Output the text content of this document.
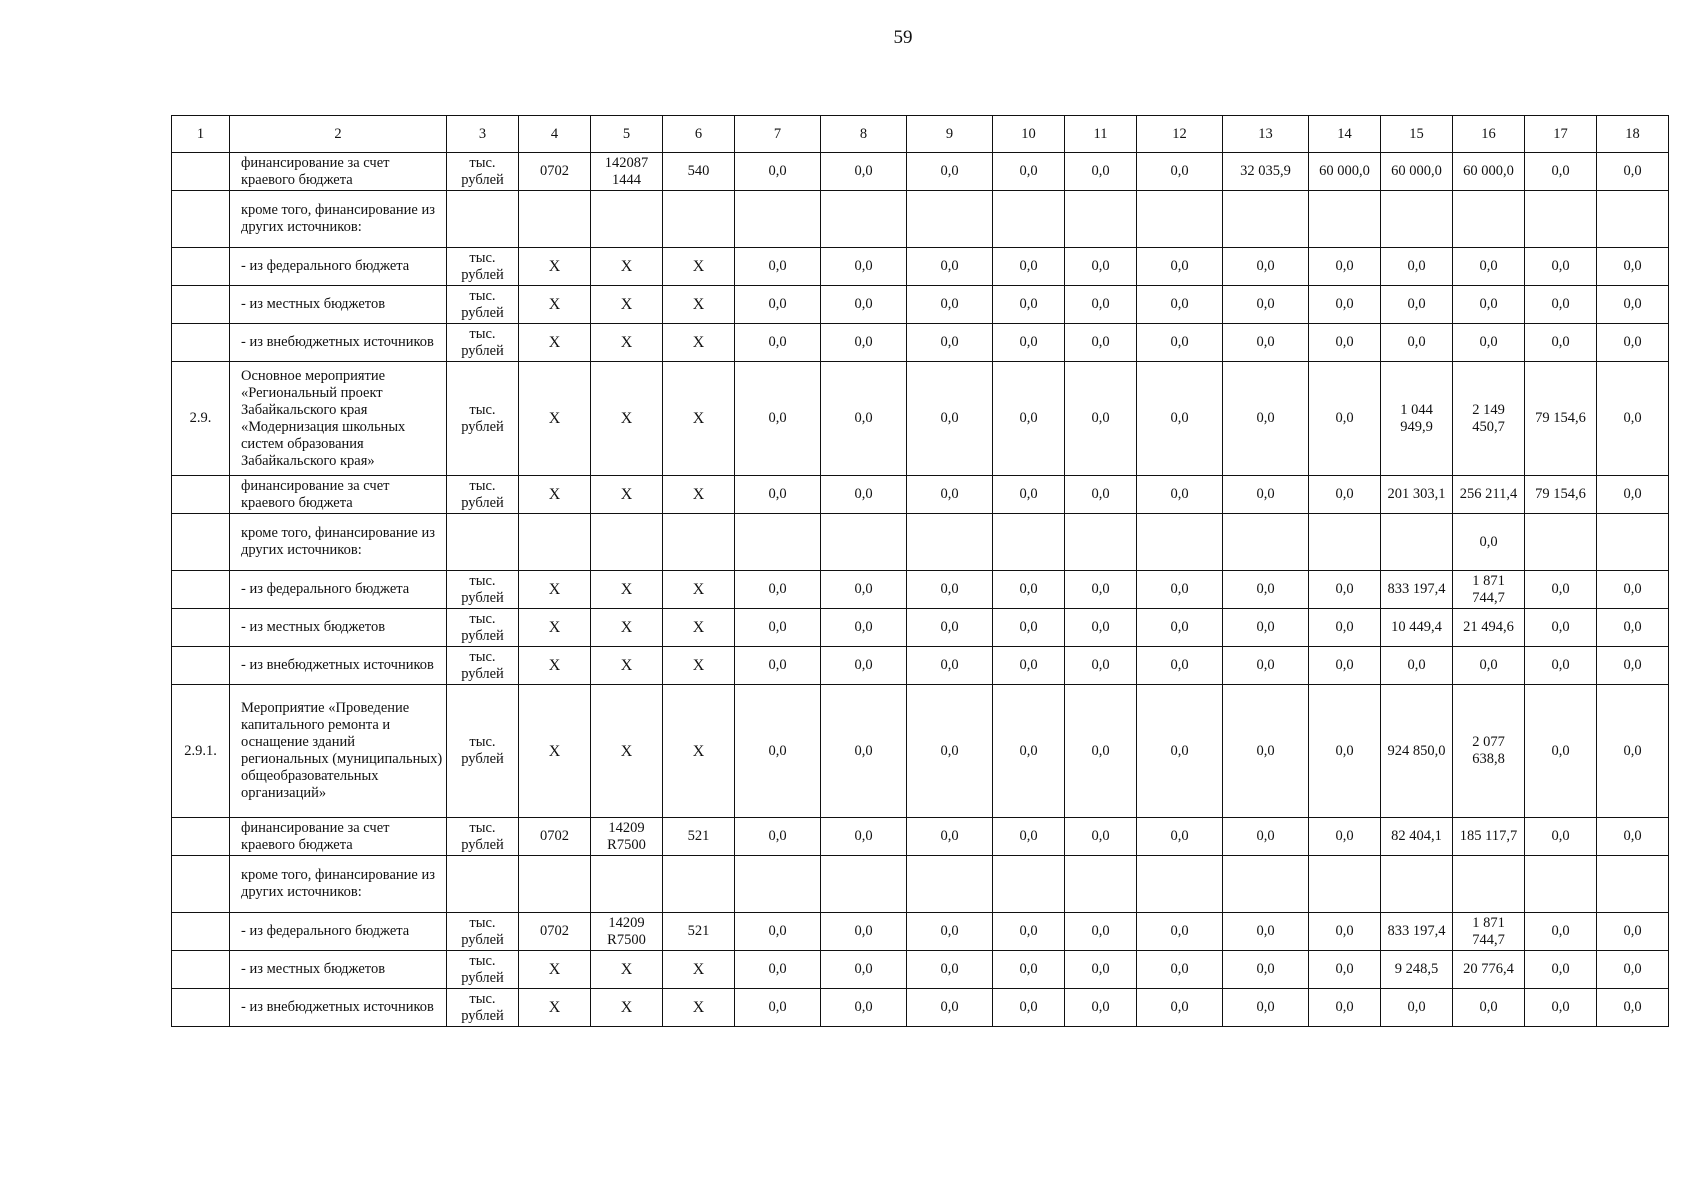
59
1	2	3	4	5	6	7	8	9	10	11	12	13	14	15	16	17	18
	финансирование за счет краевого бюджета	тыс. рублей	0702	142087 1444	540	0,0	0,0	0,0	0,0	0,0	0,0	32 035,9	60 000,0	60 000,0	60 000,0	0,0	0,0
	кроме того, финансирование из других источников:																
	- из федерального бюджета	тыс. рублей	X	X	X	0,0	0,0	0,0	0,0	0,0	0,0	0,0	0,0	0,0	0,0	0,0	0,0
	- из местных бюджетов	тыс. рублей	X	X	X	0,0	0,0	0,0	0,0	0,0	0,0	0,0	0,0	0,0	0,0	0,0	0,0
	- из внебюджетных источников	тыс. рублей	X	X	X	0,0	0,0	0,0	0,0	0,0	0,0	0,0	0,0	0,0	0,0	0,0	0,0
2.9.	Основное мероприятие «Региональный проект Забайкальского края «Модернизация школьных систем образования Забайкальского края»	тыс. рублей	X	X	X	0,0	0,0	0,0	0,0	0,0	0,0	0,0	0,0	1 044 949,9	2 149 450,7	79 154,6	0,0
	финансирование за счет краевого бюджета	тыс. рублей	X	X	X	0,0	0,0	0,0	0,0	0,0	0,0	0,0	0,0	201 303,1	256 211,4	79 154,6	0,0
	кроме того, финансирование из других источников:														0,0		
	- из федерального бюджета	тыс. рублей	X	X	X	0,0	0,0	0,0	0,0	0,0	0,0	0,0	0,0	833 197,4	1 871 744,7	0,0	0,0
	- из местных бюджетов	тыс. рублей	X	X	X	0,0	0,0	0,0	0,0	0,0	0,0	0,0	0,0	10 449,4	21 494,6	0,0	0,0
	- из внебюджетных источников	тыс. рублей	X	X	X	0,0	0,0	0,0	0,0	0,0	0,0	0,0	0,0	0,0	0,0	0,0	0,0
2.9.1.	Мероприятие «Проведение капитального ремонта и оснащение зданий региональных (муниципальных) общеобразовательных организаций»	тыс. рублей	X	X	X	0,0	0,0	0,0	0,0	0,0	0,0	0,0	0,0	924 850,0	2 077 638,8	0,0	0,0
	финансирование за счет краевого бюджета	тыс. рублей	0702	14209 R7500	521	0,0	0,0	0,0	0,0	0,0	0,0	0,0	0,0	82 404,1	185 117,7	0,0	0,0
	кроме того, финансирование из других источников:																
	- из федерального бюджета	тыс. рублей	0702	14209 R7500	521	0,0	0,0	0,0	0,0	0,0	0,0	0,0	0,0	833 197,4	1 871 744,7	0,0	0,0
	- из местных бюджетов	тыс. рублей	X	X	X	0,0	0,0	0,0	0,0	0,0	0,0	0,0	0,0	9 248,5	20 776,4	0,0	0,0
	- из внебюджетных источников	тыс. рублей	X	X	X	0,0	0,0	0,0	0,0	0,0	0,0	0,0	0,0	0,0	0,0	0,0	0,0
